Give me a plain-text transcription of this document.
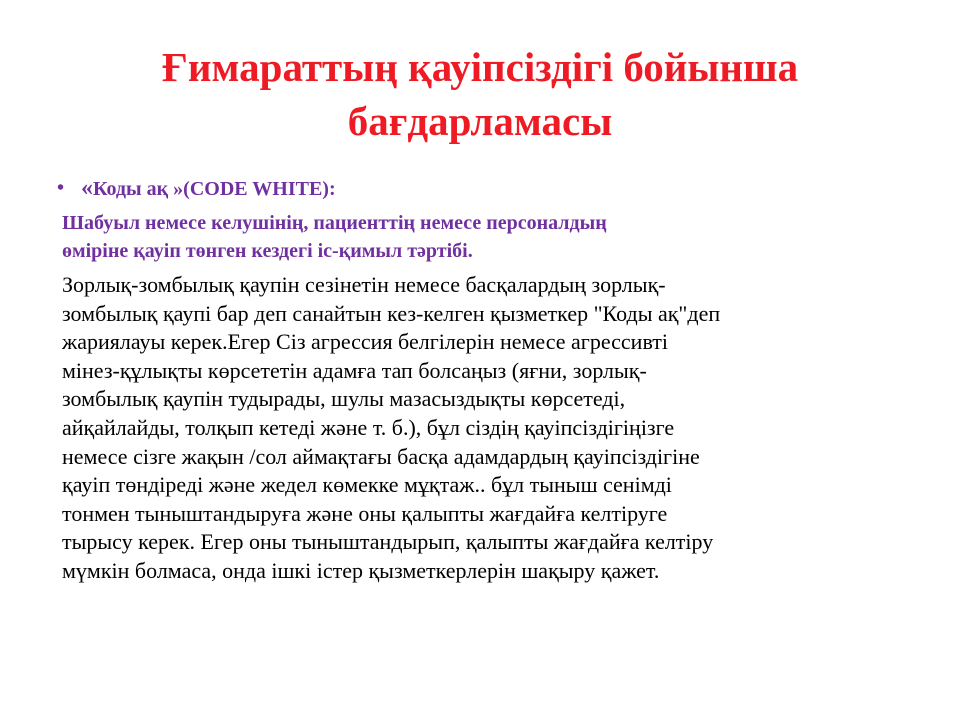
Ғимараттың қауіпсіздігі бойынша
бағдарламасы
• «Коды ақ »(CODE WHITE):
Шабуыл немесе келушінің, пациенттің немесе персоналдың
өміріне қауіп төнген кездегі іс-қимыл тәртібі.
Зорлық-зомбылық қаупін сезінетін немесе басқалардың зорлық-
зомбылық қаупі бар деп санайтын кез-келген қызметкер "Коды ақ"деп
жариялауы керек.Егер Сіз агрессия белгілерін немесе агрессивті
мінез-құлықты көрсететін адамға тап болсаңыз (яғни, зорлық-
зомбылық қаупін тудырады, шулы мазасыздықты көрсетеді,
айқайлайды, толқып кетеді және т. б.), бұл сіздің қауіпсіздігіңізге
немесе сізге жақын /сол аймақтағы басқа адамдардың қауіпсіздігіне
қауіп төндіреді және жедел көмекке мұқтаж.. бұл тыныш сенімді
тонмен тыныштандыруға және оны қалыпты жағдайға келтіруге
тырысу керек. Егер оны тыныштандырып, қалыпты жағдайға келтіру
мүмкін болмаса, онда ішкі істер қызметкерлерін шақыру қажет.
